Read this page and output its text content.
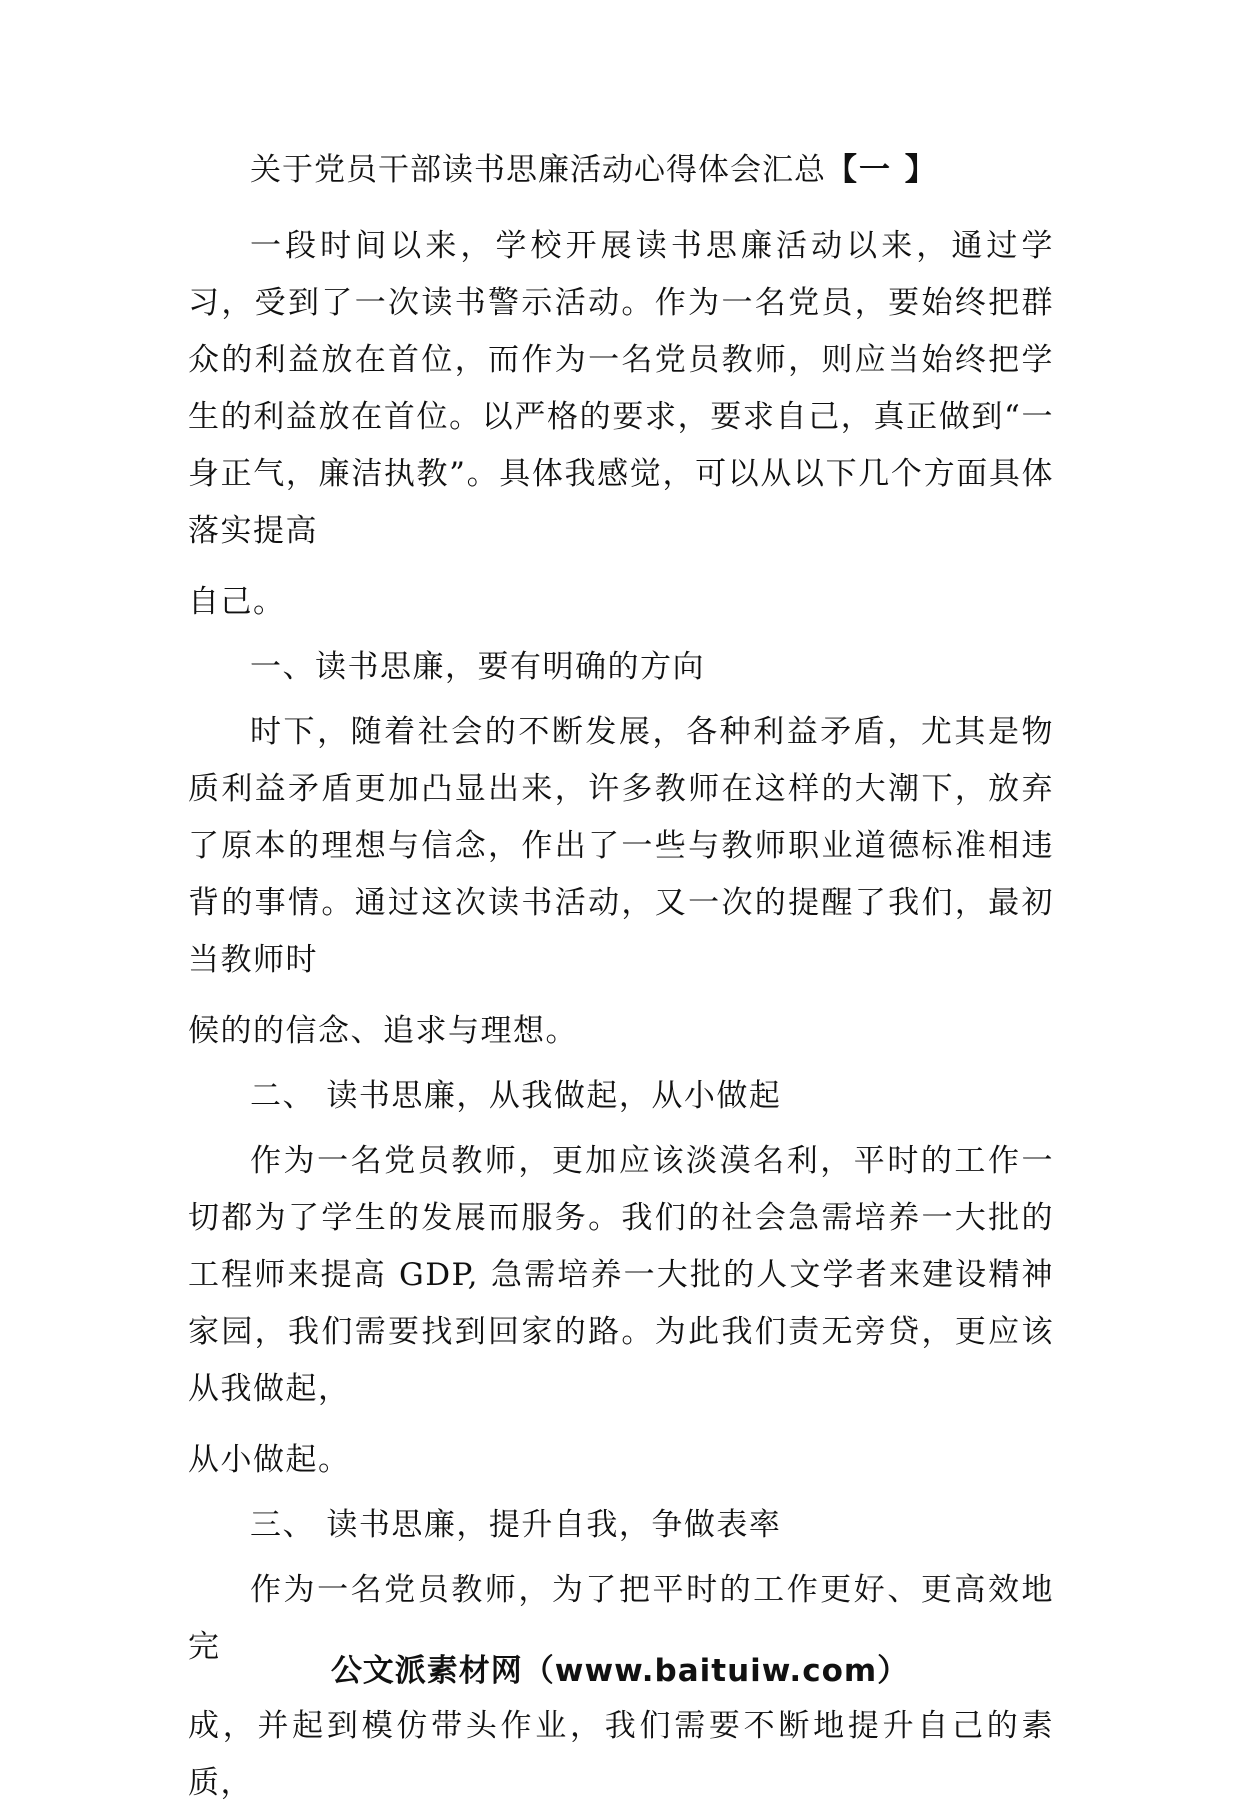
关于党员干部读书思廉活动心得体会汇总【一 】

一段时间以来，学校开展读书思廉活动以来，通过学习，受到了一次读书警示活动。作为一名党员，要始终把群众的利益放在首位，而作为一名党员教师，则应当始终把学生的利益放在首位。以严格的要求，要求自己，真正做到“一身正气，廉洁执教”。具体我感觉，可以从以下几个方面具体落实提高
自己。

一、读书思廉，要有明确的方向

时下，随着社会的不断发展，各种利益矛盾，尤其是物质利益矛盾更加凸显出来，许多教师在这样的大潮下，放弃了原本的理想与信念，作出了一些与教师职业道德标准相违背的事情。通过这次读书活动，又一次的提醒了我们，最初当教师时
候的的信念、追求与理想。

二、 读书思廉，从我做起，从小做起

作为一名党员教师，更加应该淡漠名利，平时的工作一切都为了学生的发展而服务。我们的社会急需培养一大批的工程师来提高 GDP, 急需培养一大批的人文学者来建设精神家园，我们需要找到回家的路。为此我们责无旁贷，更应该从我做起，
从小做起。

三、 读书思廉，提升自我，争做表率

作为一名党员教师，为了把平时的工作更好、更高效地完
成，并起到模仿带头作业，我们需要不断地提升自己的素质，

公文派素材网（www.baituiw.com）
